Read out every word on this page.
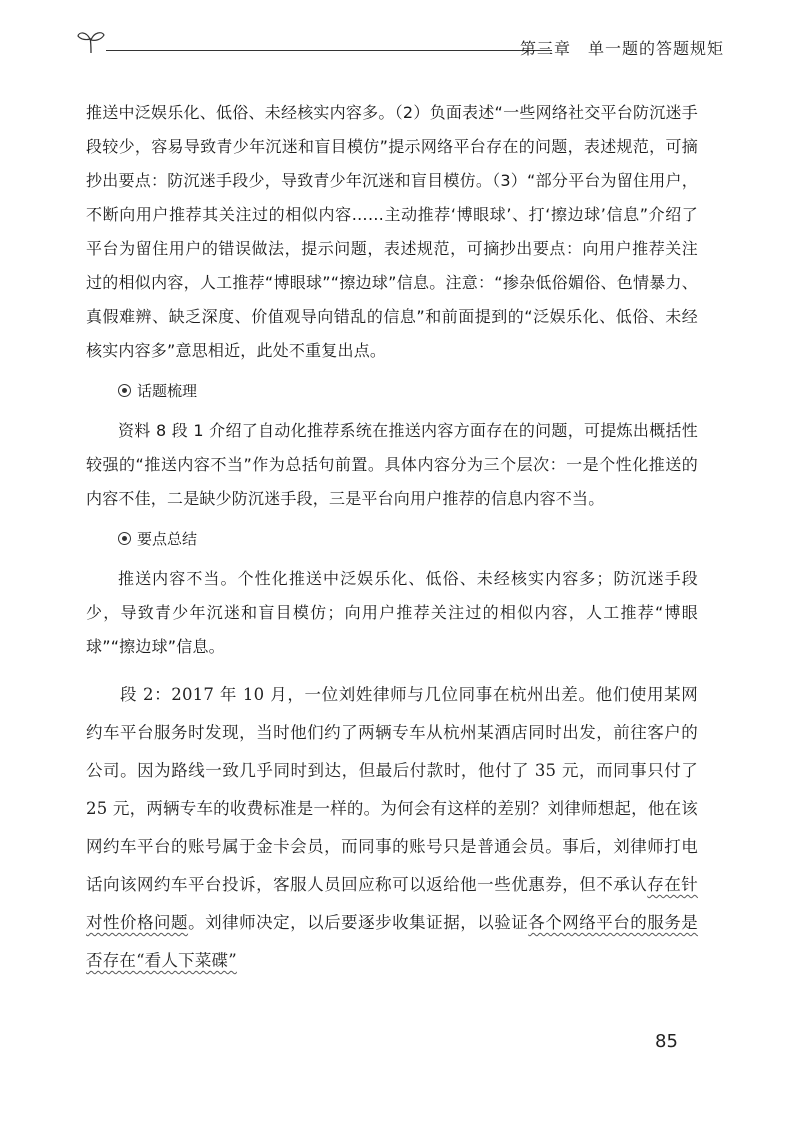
第三章　单一题的答题规矩

推送中泛娱乐化、低俗、未经核实内容多。（2）负面表述“一些网络社交平台防沉迷手段较少，容易导致青少年沉迷和盲目模仿”提示网络平台存在的问题，表述规范，可摘抄出要点：防沉迷手段少，导致青少年沉迷和盲目模仿。（3）“部分平台为留住用户，不断向用户推荐其关注过的相似内容……主动推荐‘博眼球’、打‘擦边球’信息”介绍了平台为留住用户的错误做法，提示问题，表述规范，可摘抄出要点：向用户推荐关注过的相似内容，人工推荐“博眼球”“擦边球”信息。注意：“掺杂低俗媚俗、色情暴力、真假难辨、缺乏深度、价值观导向错乱的信息”和前面提到的“泛娱乐化、低俗、未经核实内容多”意思相近，此处不重复出点。

话题梳理

资料 8 段 1 介绍了自动化推荐系统在推送内容方面存在的问题，可提炼出概括性较强的“推送内容不当”作为总括句前置。具体内容分为三个层次：一是个性化推送的内容不佳，二是缺少防沉迷手段，三是平台向用户推荐的信息内容不当。

要点总结

推送内容不当。个性化推送中泛娱乐化、低俗、未经核实内容多；防沉迷手段少，导致青少年沉迷和盲目模仿；向用户推荐关注过的相似内容，人工推荐“博眼球”“擦边球”信息。

段 2：2017 年 10 月，一位刘姓律师与几位同事在杭州出差。他们使用某网约车平台服务时发现，当时他们约了两辆专车从杭州某酒店同时出发，前往客户的公司。因为路线一致几乎同时到达，但最后付款时，他付了 35 元，而同事只付了 25 元，两辆专车的收费标准是一样的。为何会有这样的差别？刘律师想起，他在该网约车平台的账号属于金卡会员，而同事的账号只是普通会员。事后，刘律师打电话向该网约车平台投诉，客服人员回应称可以返给他一些优惠券，但不承认存在针对性价格问题。刘律师决定，以后要逐步收集证据，以验证各个网络平台的服务是否存在“看人下菜碟”

85
